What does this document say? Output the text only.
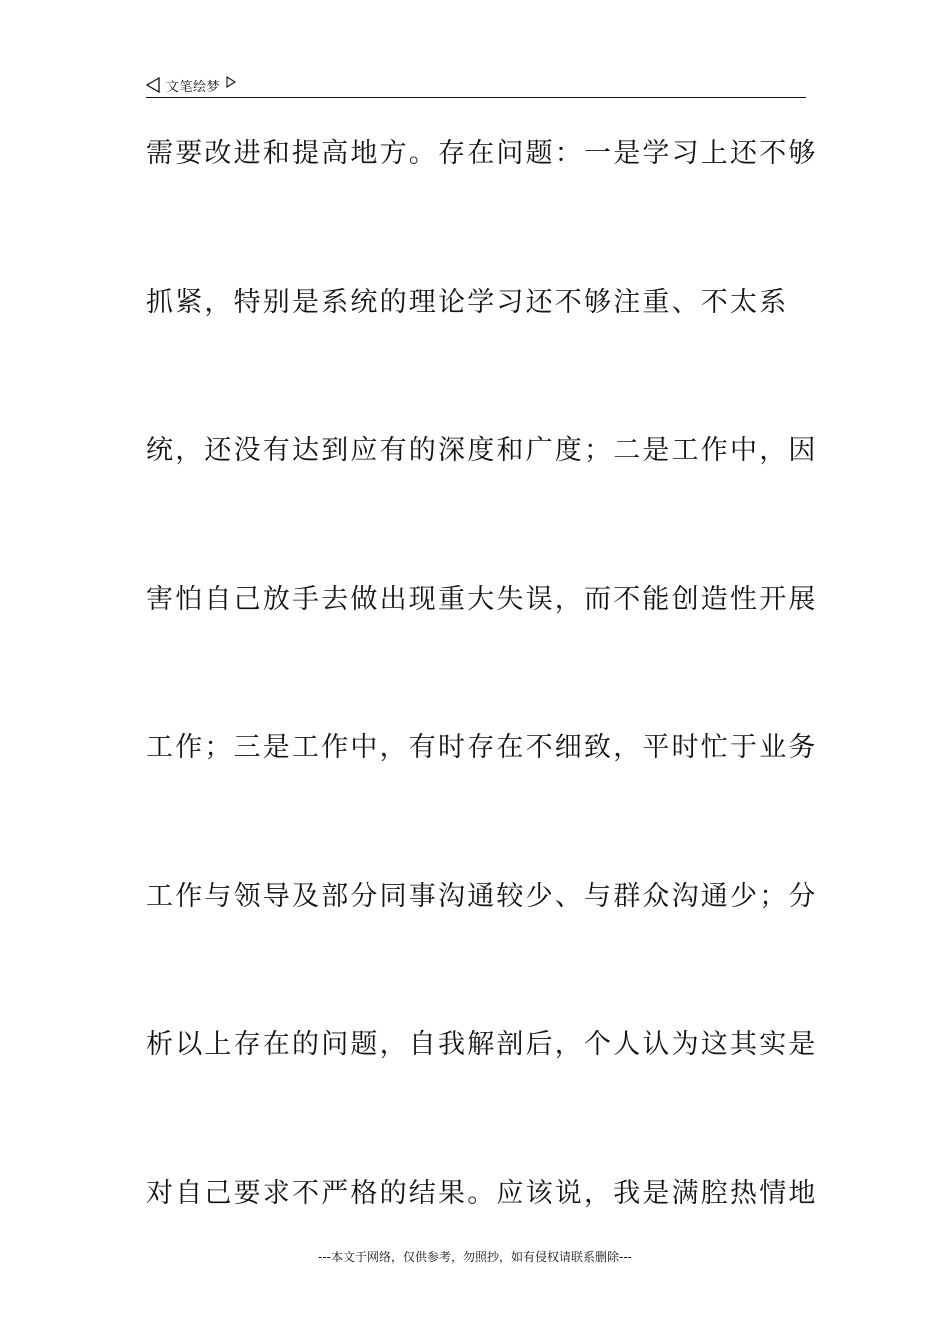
文笔绘梦
需要改进和提高地方。存在问题：一是学习上还不够
抓紧，特别是系统的理论学习还不够注重、不太系
统，还没有达到应有的深度和广度；二是工作中，因
害怕自己放手去做出现重大失误，而不能创造性开展
工作；三是工作中，有时存在不细致，平时忙于业务
工作与领导及部分同事沟通较少、与群众沟通少；分
析以上存在的问题，自我解剖后，个人认为这其实是
对自己要求不严格的结果。应该说，我是满腔热情地
---本文于网络，仅供参考，勿照抄，如有侵权请联系删除---
